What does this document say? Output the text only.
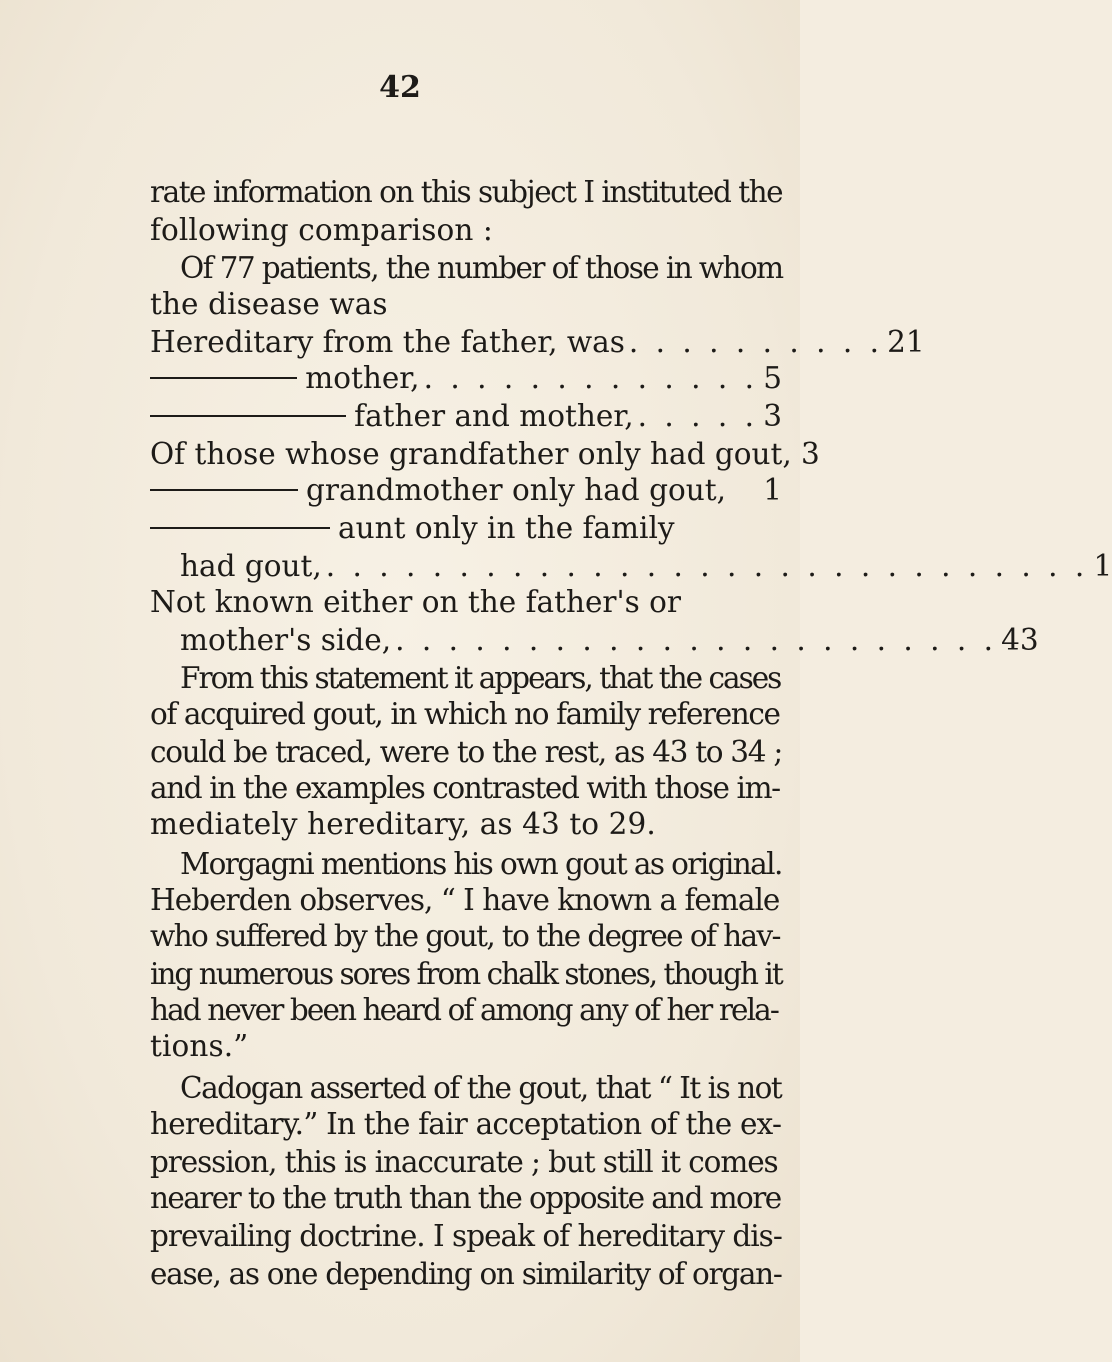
42
rate information on this subject I instituted the
following comparison :
Of 77 patients, the number of those in whom
the disease was
Hereditary from the father, was . . . . . . . . . . 21
mother, . . . . . . . . . . . . . 5
father and mother, . . . . . 3
Of those whose grandfather only had gout, 3
grandmother only had gout, 1
aunt only in the family
had gout, . . . . . . . . . . . . . . . . . . . . . . . . . . . . . 1
Not known either on the father's or
mother's side, . . . . . . . . . . . . . . . . . . . . . . . 43
From this statement it appears, that the cases
of acquired gout, in which no family reference
could be traced, were to the rest, as 43 to 34 ;
and in the examples contrasted with those im-
mediately hereditary, as 43 to 29.
Morgagni mentions his own gout as original.
Heberden observes, “ I have known a female
who suffered by the gout, to the degree of hav-
ing numerous sores from chalk stones, though it
had never been heard of among any of her rela-
tions.”
Cadogan asserted of the gout, that “ It is not
hereditary.” In the fair acceptation of the ex-
pression, this is inaccurate ; but still it comes
nearer to the truth than the opposite and more
prevailing doctrine. I speak of hereditary dis-
ease, as one depending on similarity of organ-
